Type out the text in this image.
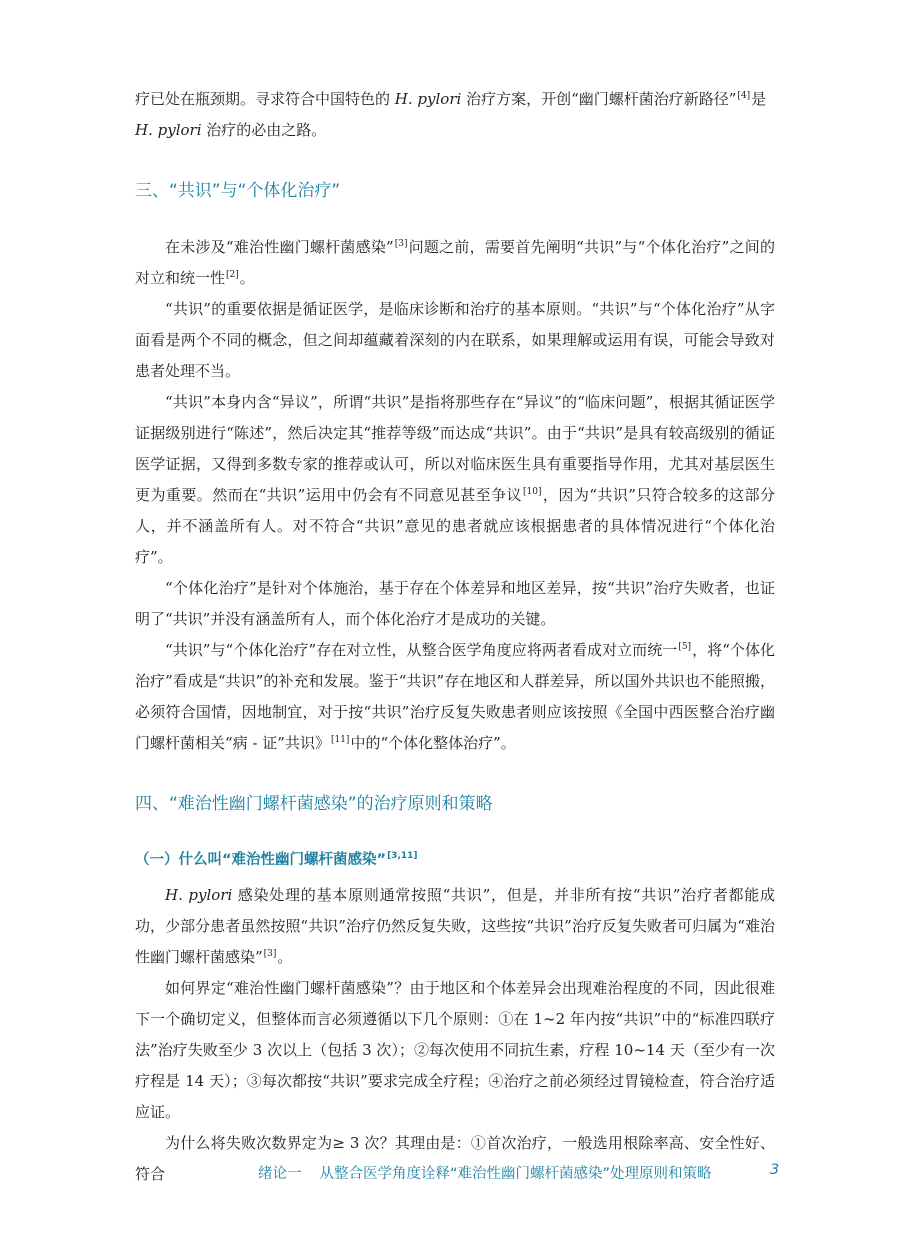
疗已处在瓶颈期。寻求符合中国特色的 H. pylori 治疗方案，开创“幽门螺杆菌治疗新路径”[4]是
H. pylori 治疗的必由之路。

三、“共识”与“个体化治疗”

在未涉及“难治性幽门螺杆菌感染”[3]问题之前，需要首先阐明“共识”与“个体化治疗”之间的对立和统一性[2]。

“共识”的重要依据是循证医学，是临床诊断和治疗的基本原则。“共识”与“个体化治疗”从字面看是两个不同的概念，但之间却蕴藏着深刻的内在联系，如果理解或运用有误，可能会导致对患者处理不当。

“共识”本身内含“异议”，所谓“共识”是指将那些存在“异议”的“临床问题”，根据其循证医学证据级别进行“陈述”，然后决定其“推荐等级”而达成“共识”。由于“共识”是具有较高级别的循证医学证据，又得到多数专家的推荐或认可，所以对临床医生具有重要指导作用，尤其对基层医生更为重要。然而在“共识”运用中仍会有不同意见甚至争议[10]，因为“共识”只符合较多的这部分人，并不涵盖所有人。对不符合“共识”意见的患者就应该根据患者的具体情况进行“个体化治疗”。

“个体化治疗”是针对个体施治，基于存在个体差异和地区差异，按“共识”治疗失败者，也证明了“共识”并没有涵盖所有人，而个体化治疗才是成功的关键。

“共识”与“个体化治疗”存在对立性，从整合医学角度应将两者看成对立而统一[5]，将“个体化治疗”看成是“共识”的补充和发展。鉴于“共识”存在地区和人群差异，所以国外共识也不能照搬，必须符合国情，因地制宜，对于按“共识”治疗反复失败患者则应该按照《全国中西医整合治疗幽门螺杆菌相关“病 - 证”共识》[11]中的“个体化整体治疗”。

四、“难治性幽门螺杆菌感染”的治疗原则和策略
（一）什么叫“难治性幽门螺杆菌感染”[3,11]

H. pylori 感染处理的基本原则通常按照“共识”，但是，并非所有按“共识”治疗者都能成功，少部分患者虽然按照“共识”治疗仍然反复失败，这些按“共识”治疗反复失败者可归属为“难治性幽门螺杆菌感染”[3]。

如何界定“难治性幽门螺杆菌感染”？由于地区和个体差异会出现难治程度的不同，因此很难下一个确切定义，但整体而言必须遵循以下几个原则：①在 1~2 年内按“共识”中的“标准四联疗法”治疗失败至少 3 次以上（包括 3 次）；②每次使用不同抗生素，疗程 10~14 天（至少有一次疗程是 14 天）；③每次都按“共识”要求完成全疗程；④治疗之前必须经过胃镜检查，符合治疗适应证。

为什么将失败次数界定为≥ 3 次？其理由是：①首次治疗，一般选用根除率高、安全性好、符合	绪论一 从整合医学角度诠释“难治性幽门螺杆菌感染”处理原则和策略	3
